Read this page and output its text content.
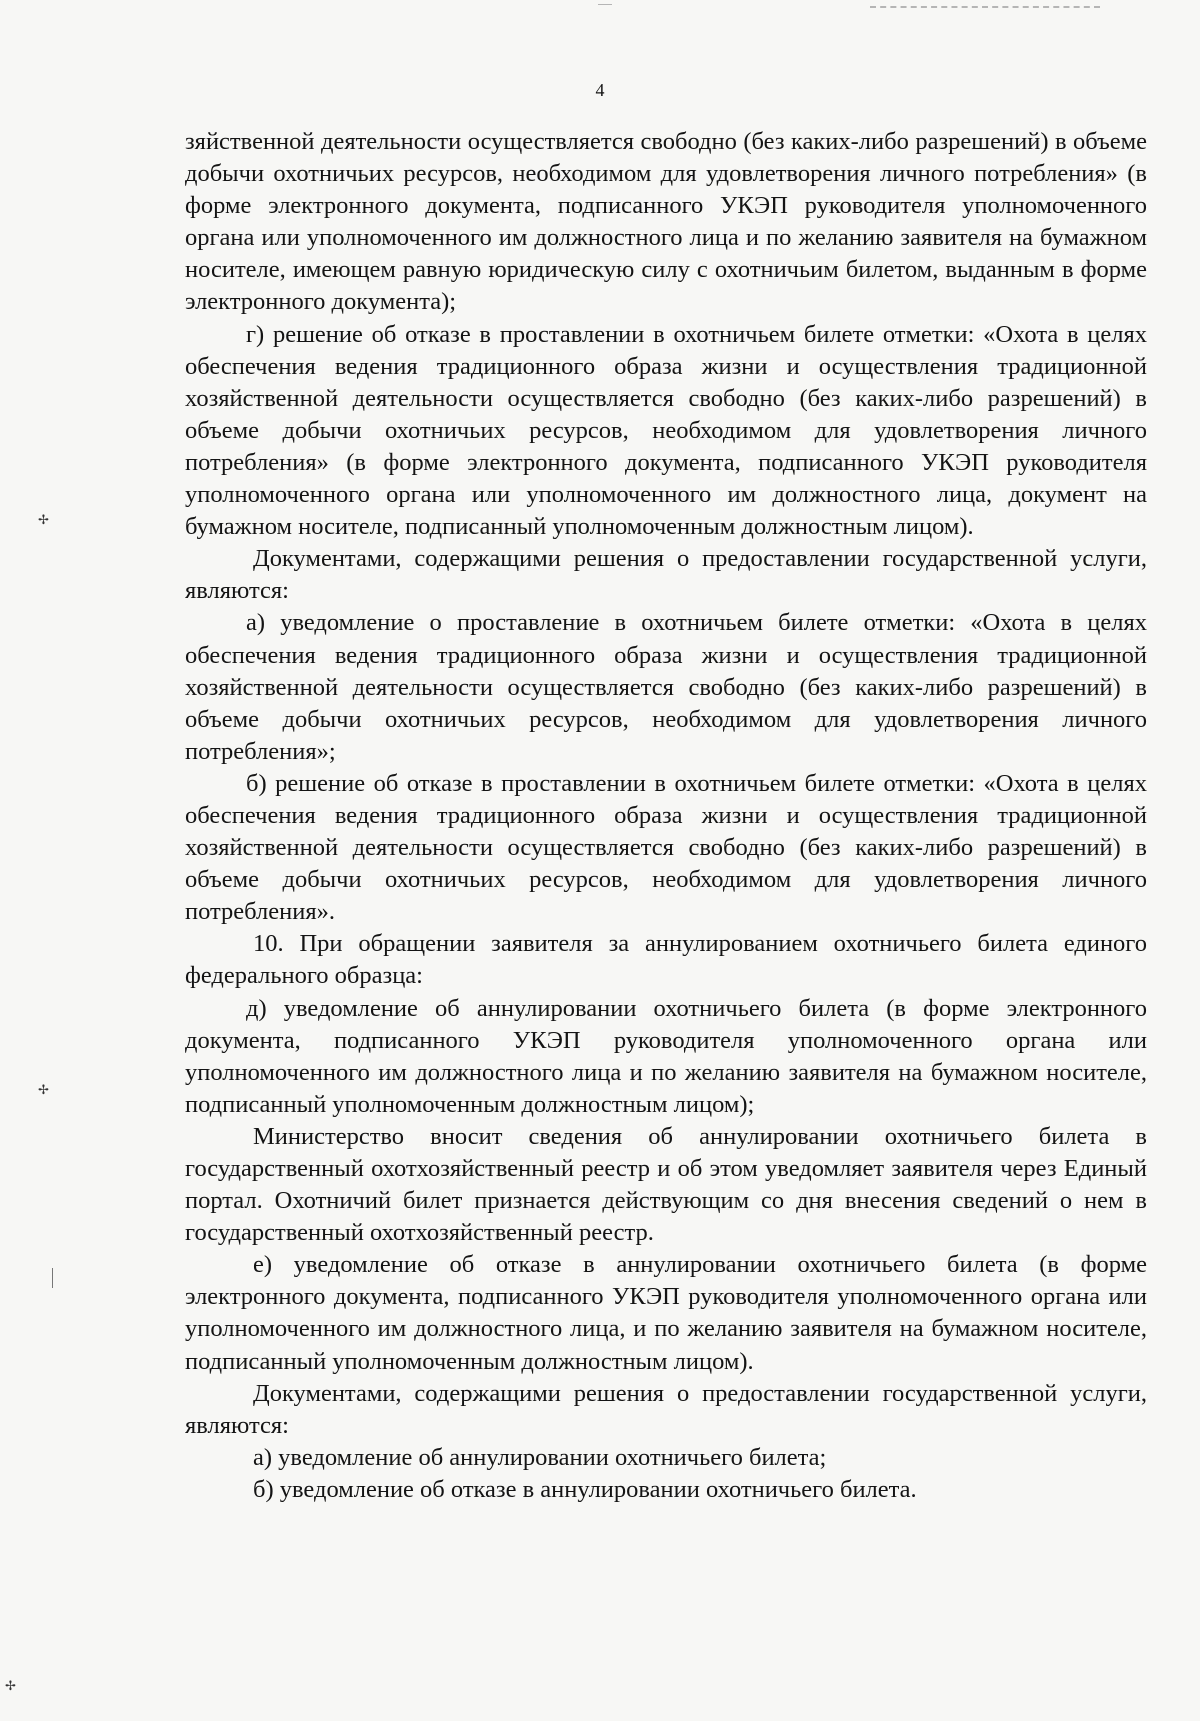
4

зяйственной деятельности осуществляется свободно (без каких-либо разрешений) в объеме добычи охотничьих ресурсов, необходимом для удовлетворения личного потребления» (в форме электронного документа, подписанного УКЭП руководителя уполномоченного органа или уполномоченного им должностного лица и по желанию заявителя на бумажном носителе, имеющем равную юридическую силу с охотничьим билетом, выданным в форме электронного документа);

г) решение об отказе в проставлении в охотничьем билете отметки: «Охота в целях обеспечения ведения традиционного образа жизни и осуществления традиционной хозяйственной деятельности осуществляется свободно (без каких-либо разрешений) в объеме добычи охотничьих ресурсов, необходимом для удовлетворения личного потребления» (в форме электронного документа, подписанного УКЭП руководителя уполномоченного органа или уполномоченного им должностного лица, документ на бумажном носителе, подписанный уполномоченным должностным лицом).

Документами, содержащими решения о предоставлении государственной услуги, являются:

а) уведомление о проставление в охотничьем билете отметки: «Охота в целях обеспечения ведения традиционного образа жизни и осуществления традиционной хозяйственной деятельности осуществляется свободно (без каких-либо разрешений) в объеме добычи охотничьих ресурсов, необходимом для удовлетворения личного потребления»;

б) решение об отказе в проставлении в охотничьем билете отметки: «Охота в целях обеспечения ведения традиционного образа жизни и осуществления традиционной хозяйственной деятельности осуществляется свободно (без каких-либо разрешений) в объеме добычи охотничьих ресурсов, необходимом для удовлетворения личного потребления».

10. При обращении заявителя за аннулированием охотничьего билета единого федерального образца:

д) уведомление об аннулировании охотничьего билета (в форме электронного документа, подписанного УКЭП руководителя уполномоченного органа или уполномоченного им должностного лица и по желанию заявителя на бумажном носителе, подписанный уполномоченным должностным лицом);

Министерство вносит сведения об аннулировании охотничьего билета в государственный охотхозяйственный реестр и об этом уведомляет заявителя через Единый портал. Охотничий билет признается действующим со дня внесения сведений о нем в государственный охотхозяйственный реестр.

е) уведомление об отказе в аннулировании охотничьего билета (в форме электронного документа, подписанного УКЭП руководителя уполномоченного органа или уполномоченного им должностного лица, и по желанию заявителя на бумажном носителе, подписанный уполномоченным должностным лицом).

Документами, содержащими решения о предоставлении государственной услуги, являются:

а) уведомление об аннулировании охотничьего билета;

б) уведомление об отказе в аннулировании охотничьего билета.

✢
✢
✢
